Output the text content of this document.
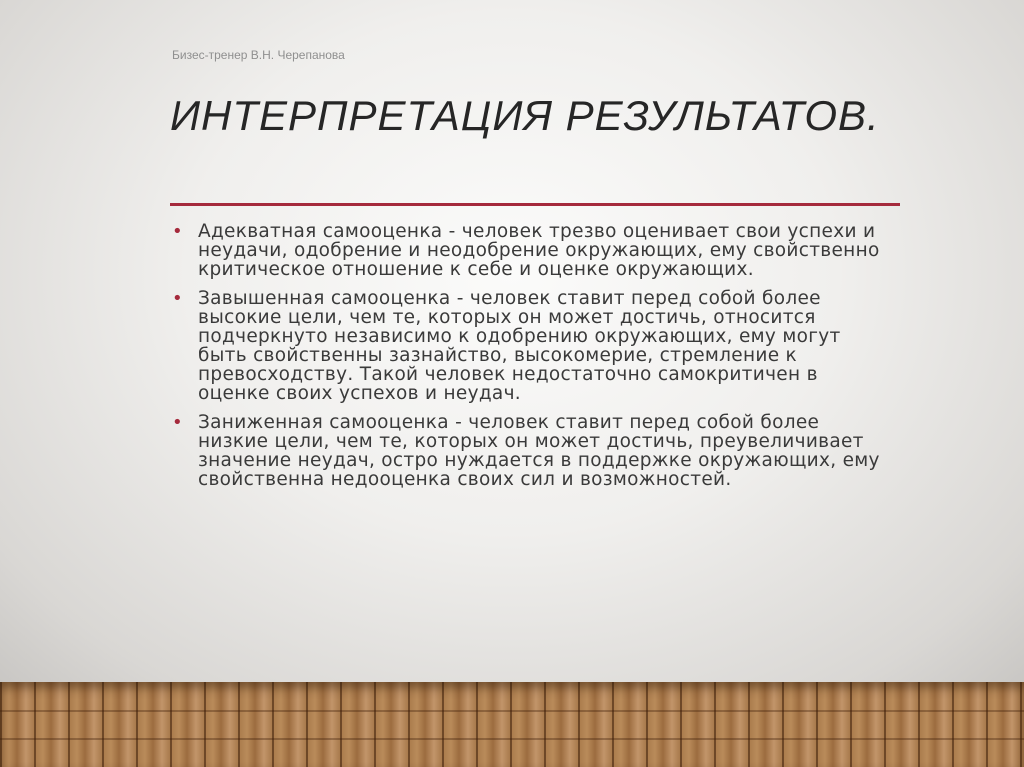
Бизес-тренер В.Н. Черепанова
ИНТЕРПРЕТАЦИЯ РЕЗУЛЬТАТОВ.
• Адекватная самооценка - человек трезво оценивает свои успехи и неудачи, одобрение и неодобрение окружающих, ему свойственно критическое отношение к себе и оценке окружающих.
• Завышенная самооценка - человек ставит перед собой более высокие цели, чем те, которых он может достичь, относится подчеркнуто независимо к одобрению окружающих, ему могут быть свойственны зазнайство, высокомерие, стремление к превосходству. Такой человек недостаточно самокритичен в оценке своих успехов и неудач.
• Заниженная самооценка - человек ставит перед собой более низкие цели, чем те, которых он может достичь, преувеличивает значение неудач, остро нуждается в поддержке окружающих, ему свойственна недооценка своих сил и возможностей.
